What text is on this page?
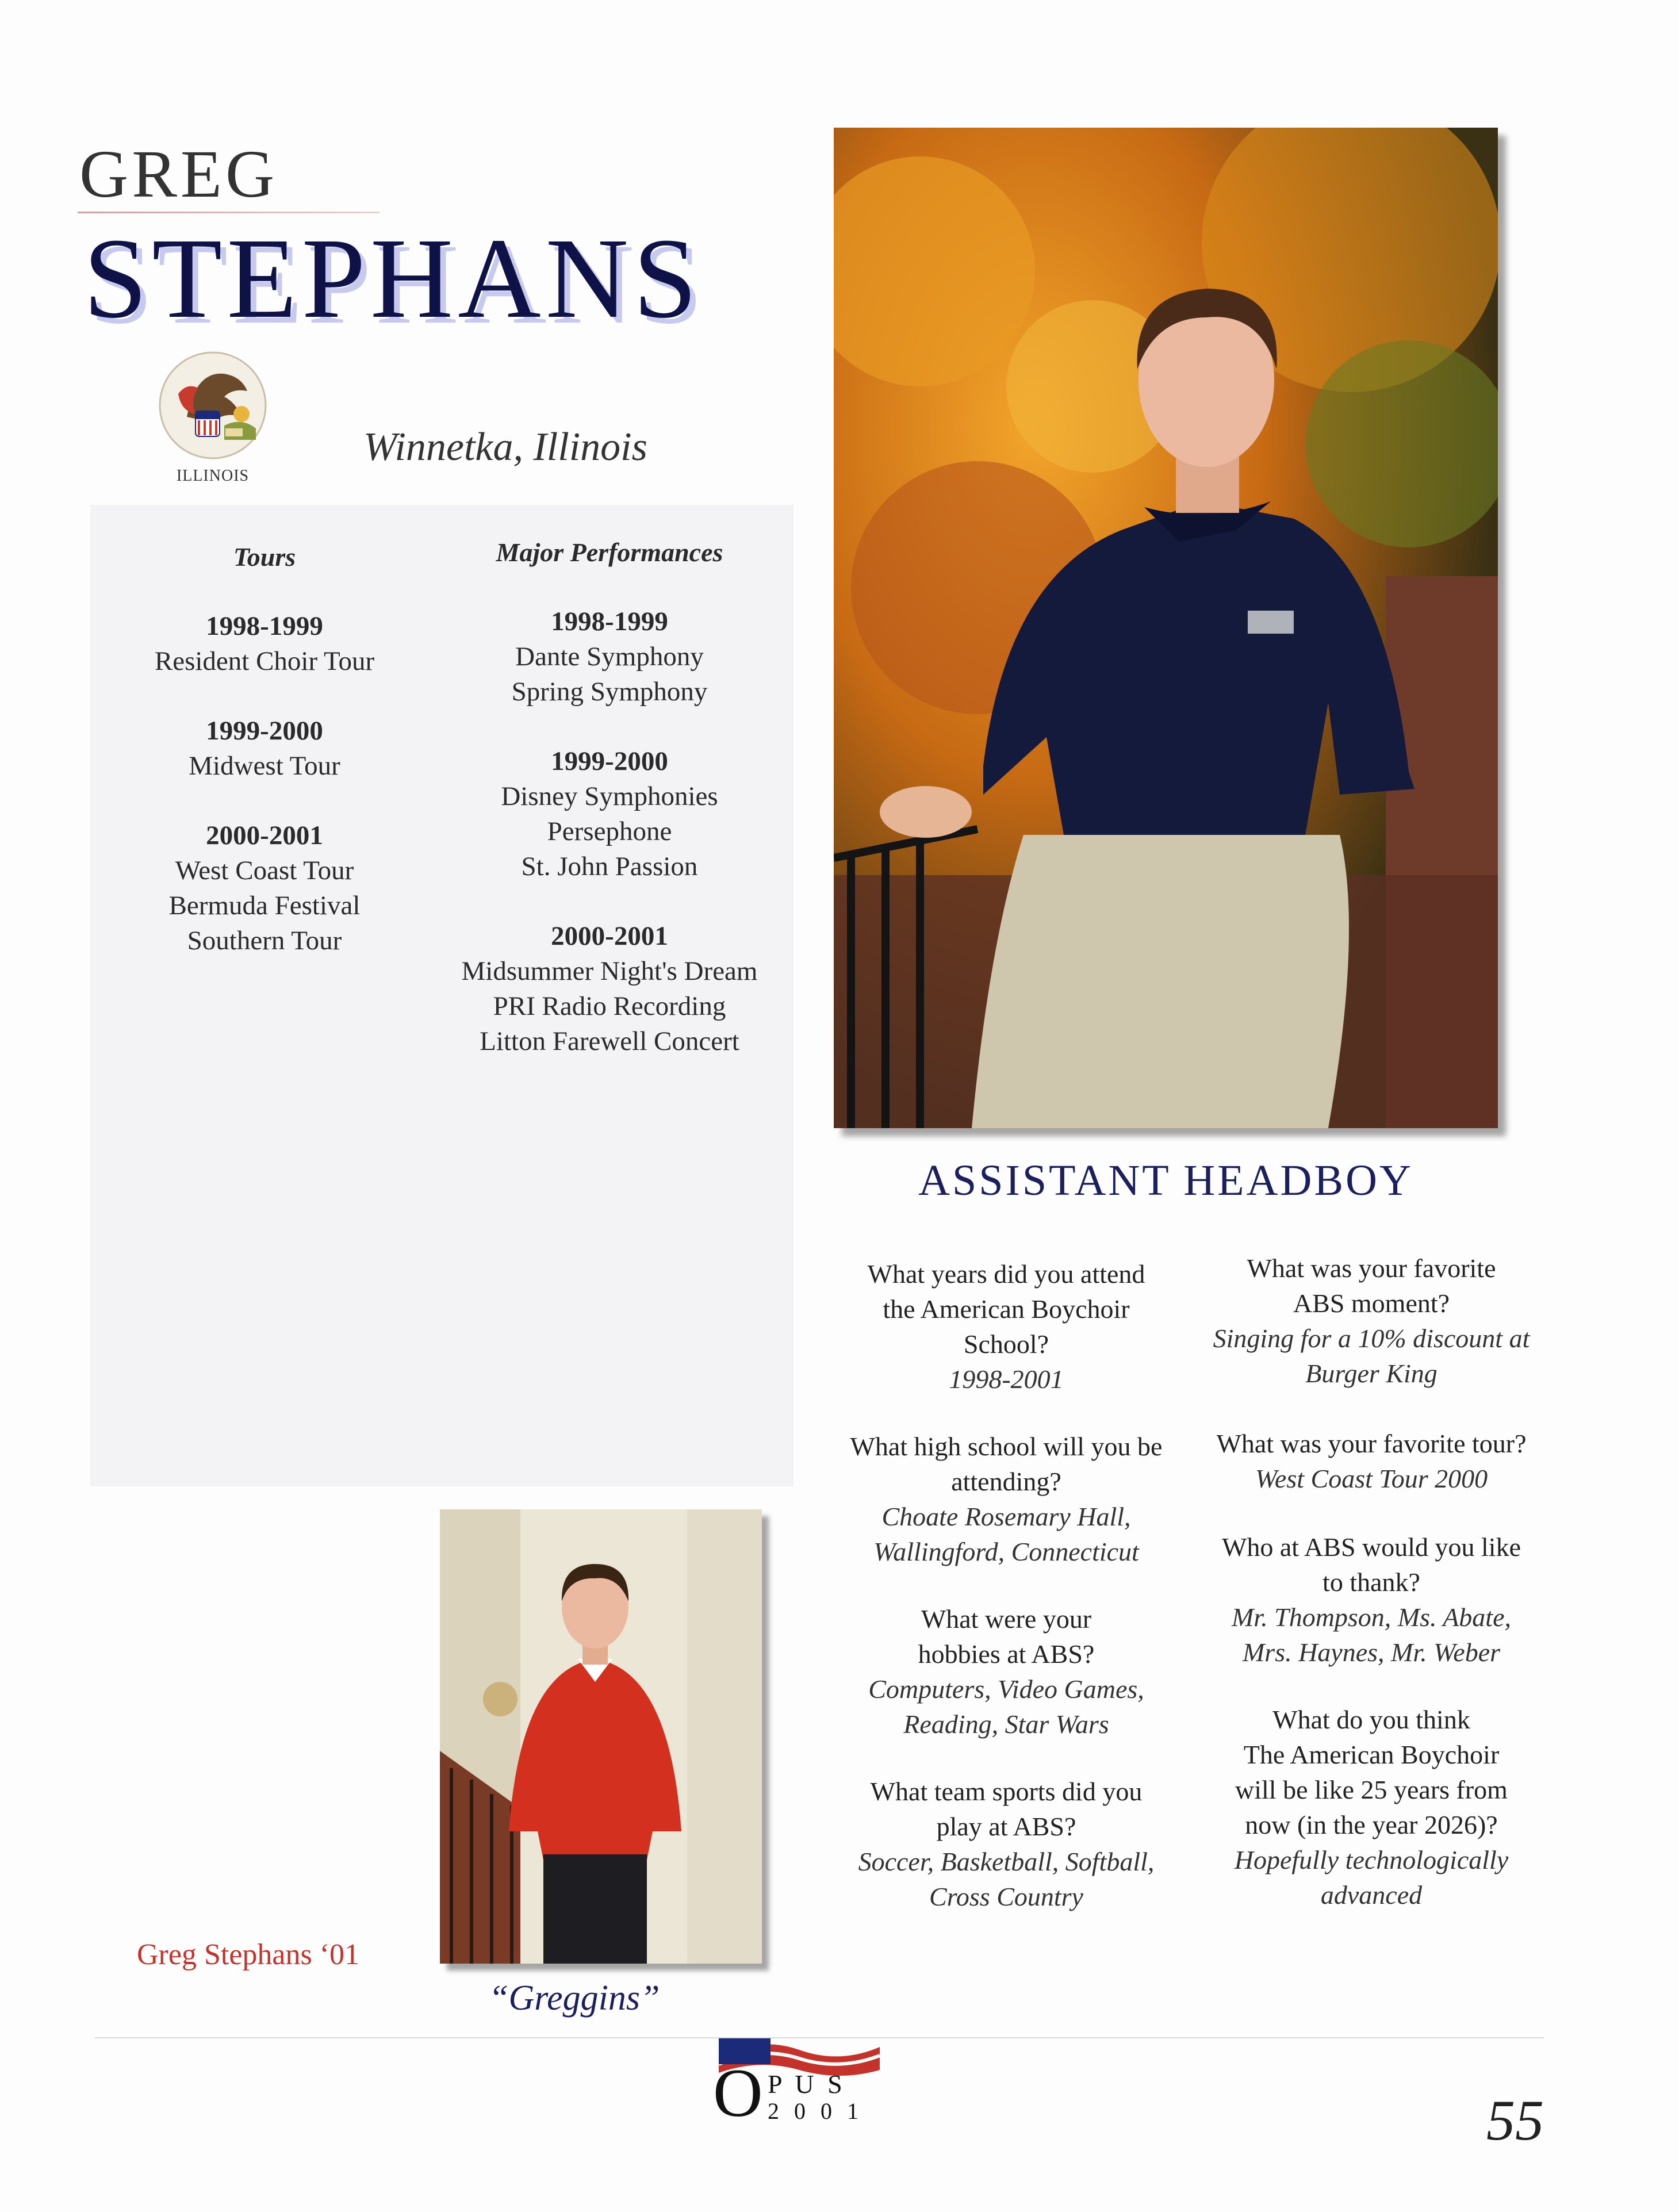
GREG
STEPHANS
ILLINOIS
Winnetka, Illinois
Tours
1998-1999
Resident Choir Tour
1999-2000
Midwest Tour
2000-2001
West Coast Tour
Bermuda Festival
Southern Tour
Major Performances
1998-1999
Dante Symphony
Spring Symphony
1999-2000
Disney Symphonies
Persephone
St. John Passion
2000-2001
Midsummer Night's Dream
PRI Radio Recording
Litton Farewell Concert
ASSISTANT HEADBOY
What years did you attend
the American Boychoir
School?
1998-2001
What high school will you be
attending?
Choate Rosemary Hall,
Wallingford, Connecticut
What were your
hobbies at ABS?
Computers, Video Games,
Reading, Star Wars
What team sports did you
play at ABS?
Soccer, Basketball, Softball,
Cross Country
What was your favorite
ABS moment?
Singing for a 10% discount at
Burger King
What was your favorite tour?
West Coast Tour 2000
Who at ABS would you like
to thank?
Mr. Thompson, Ms. Abate,
Mrs. Haynes, Mr. Weber
What do you think
The American Boychoir
will be like 25 years from
now (in the year 2026)?
Hopefully technologically
advanced
Greg Stephans ‘01
“Greggins”
O P U S
2 0 0 1	55
